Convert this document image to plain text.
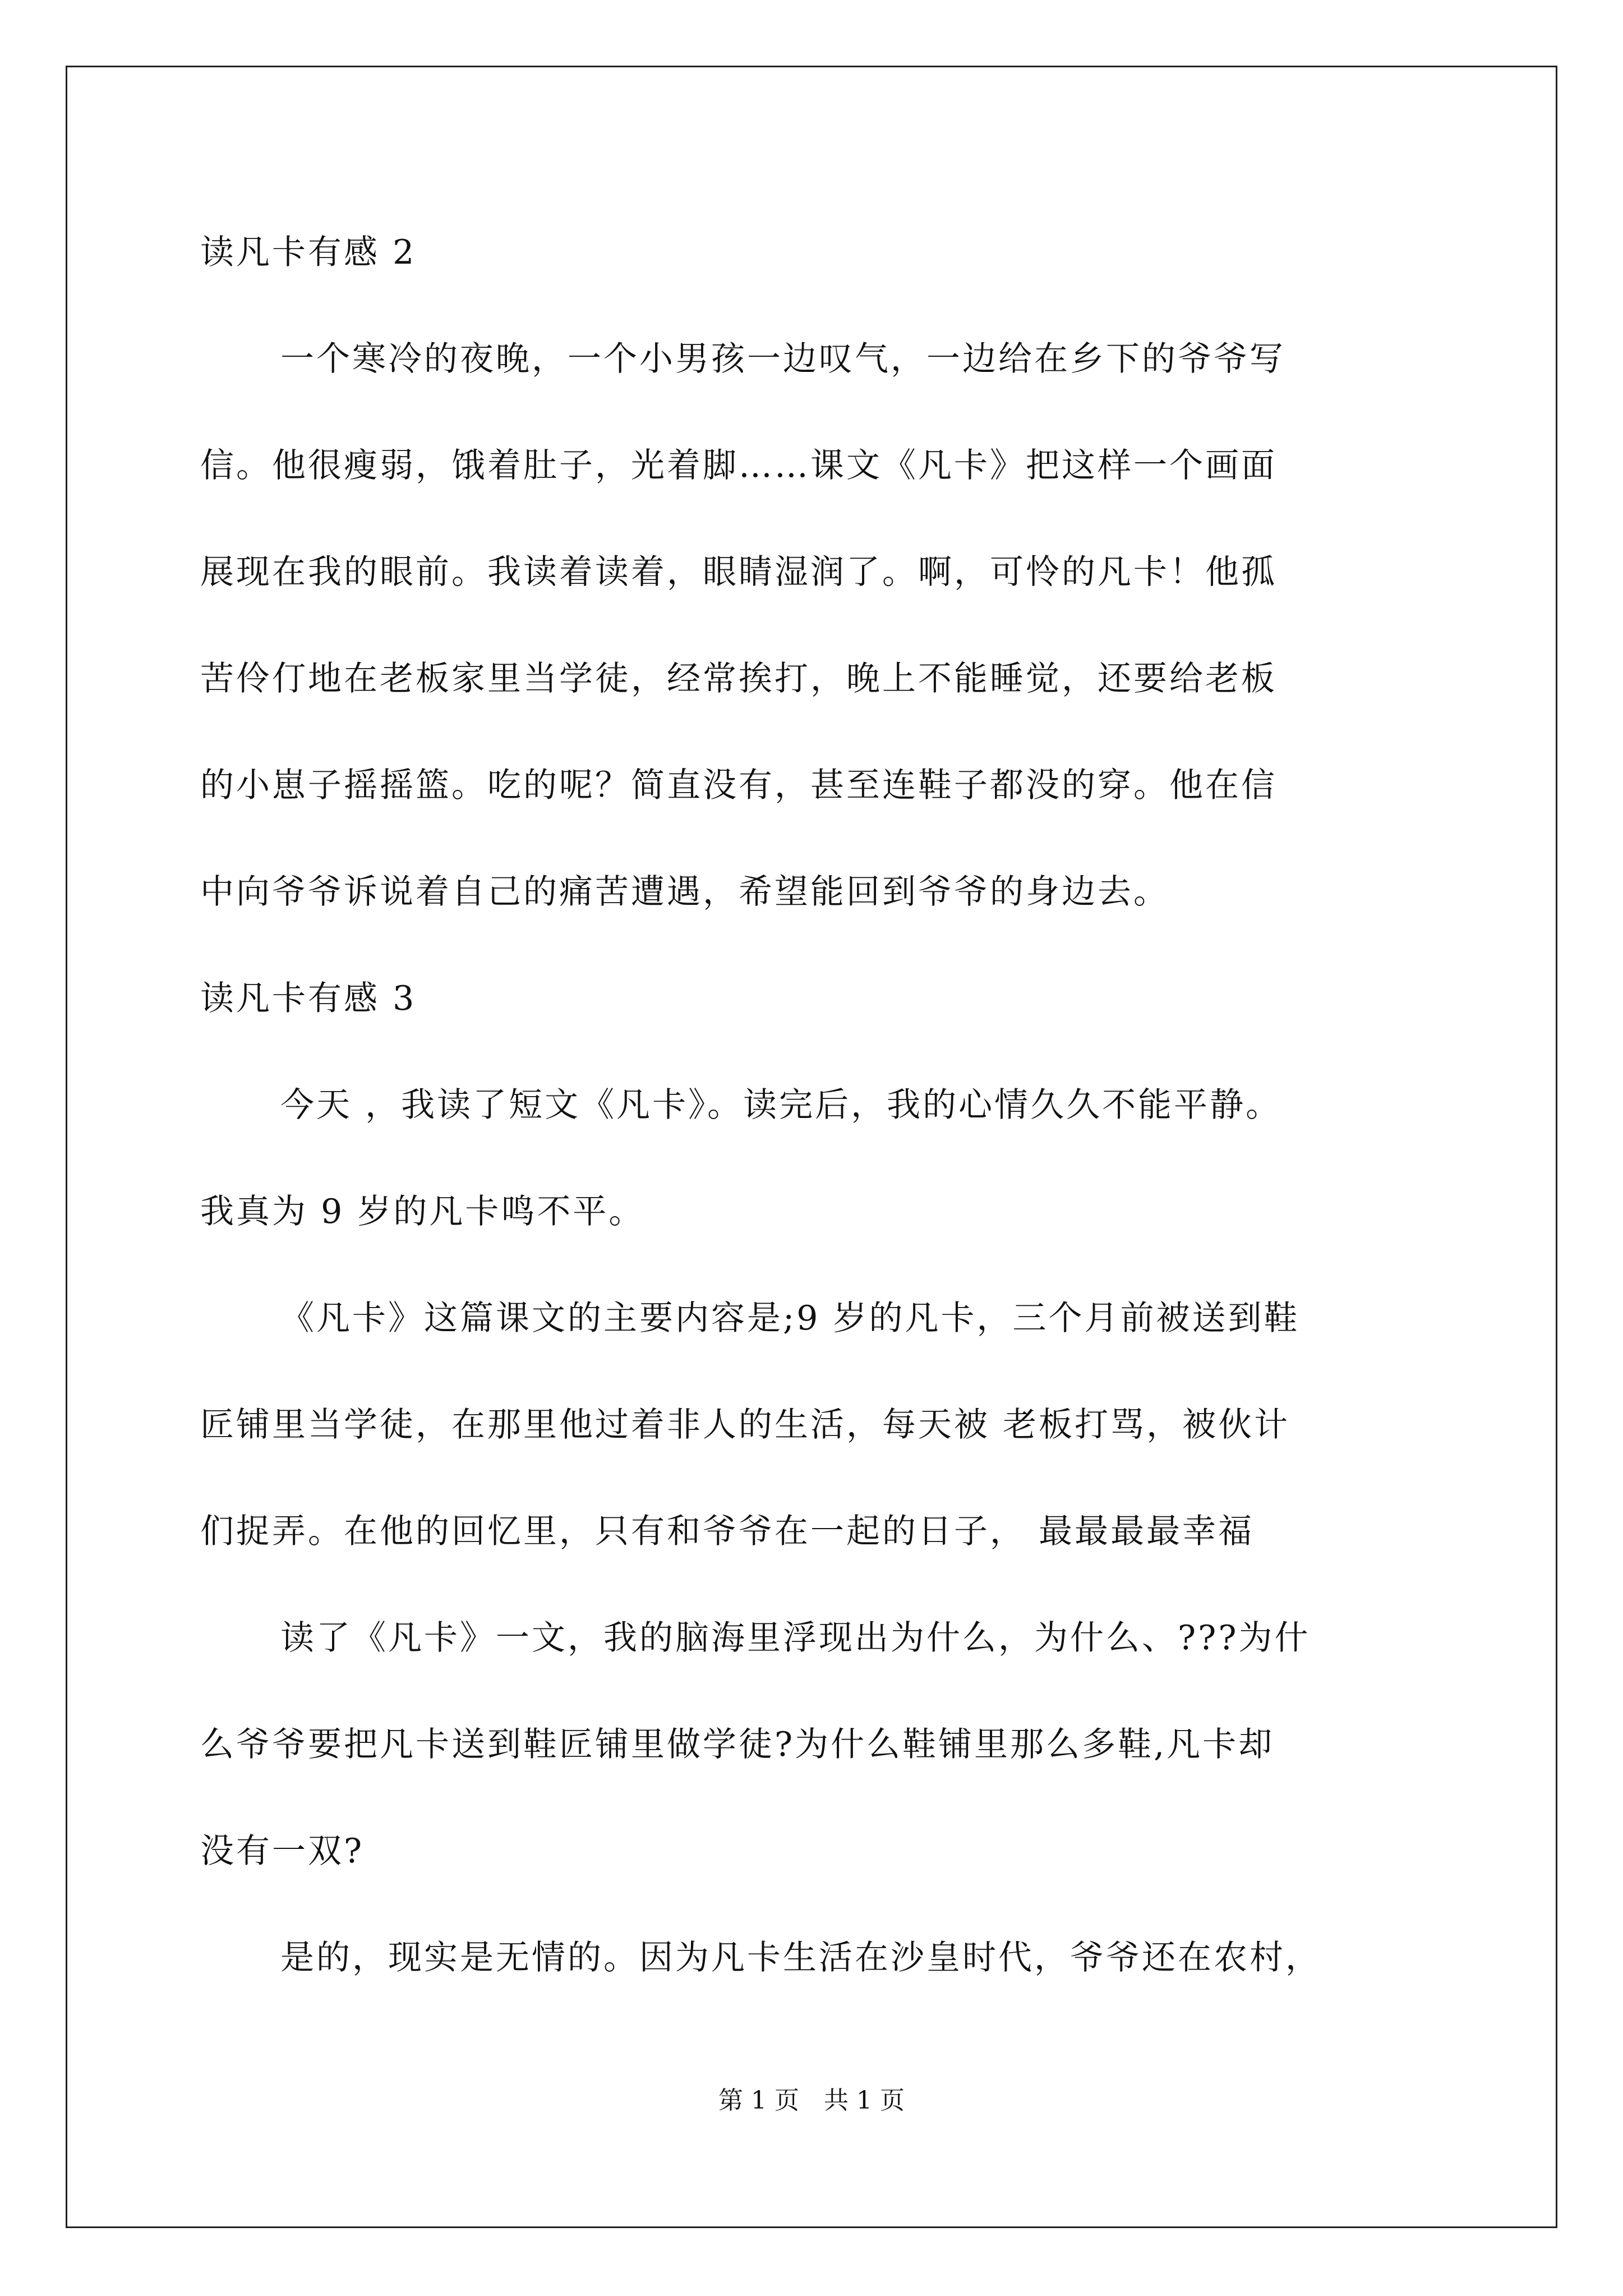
读凡卡有感 2
一个寒冷的夜晚，一个小男孩一边叹气，一边给在乡下的爷爷写
信。他很瘦弱，饿着肚子，光着脚……课文《凡卡》把这样一个画面
展现在我的眼前。我读着读着，眼睛湿润了。啊，可怜的凡卡！他孤
苦伶仃地在老板家里当学徒，经常挨打，晚上不能睡觉，还要给老板
的小崽子摇摇篮。吃的呢？简直没有，甚至连鞋子都没的穿。他在信
中向爷爷诉说着自己的痛苦遭遇，希望能回到爷爷的身边去。
读凡卡有感 3
今天 ，我读了短文《凡卡》。读完后，我的心情久久不能平静。
我真为 9 岁的凡卡鸣不平。
《凡卡》这篇课文的主要内容是;9 岁的凡卡，三个月前被送到鞋
匠铺里当学徒，在那里他过着非人的生活，每天被 老板打骂，被伙计
们捉弄。在他的回忆里，只有和爷爷在一起的日子， 最最最最幸福
读了《凡卡》一文，我的脑海里浮现出为什么，为什么、???为什
么爷爷要把凡卡送到鞋匠铺里做学徒?为什么鞋铺里那么多鞋,凡卡却
没有一双?
是的，现实是无情的。因为凡卡生活在沙皇时代，爷爷还在农村，
第 1 页　共 1 页
